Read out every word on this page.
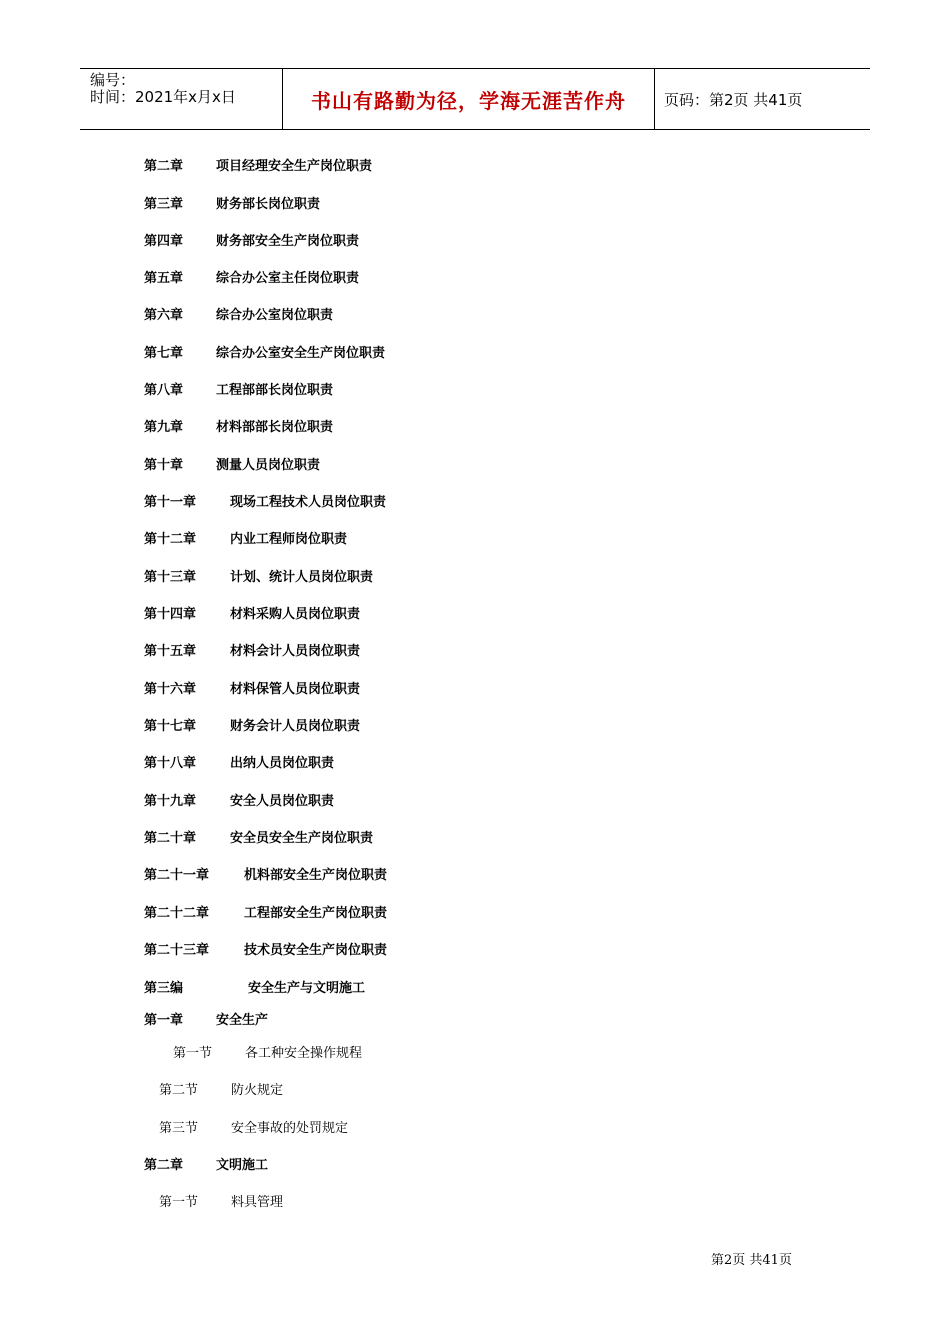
编号：
时间：2021年x月x日	书山有路勤为径，学海无涯苦作舟	页码：第2页 共41页
第二章	项目经理安全生产岗位职责
第三章	财务部长岗位职责
第四章	财务部安全生产岗位职责
第五章	综合办公室主任岗位职责
第六章	综合办公室岗位职责
第七章	综合办公室安全生产岗位职责
第八章	工程部部长岗位职责
第九章	材料部部长岗位职责
第十章	测量人员岗位职责
第十一章	现场工程技术人员岗位职责
第十二章	内业工程师岗位职责
第十三章	计划、统计人员岗位职责
第十四章	材料采购人员岗位职责
第十五章	材料会计人员岗位职责
第十六章	材料保管人员岗位职责
第十七章	财务会计人员岗位职责
第十八章	出纳人员岗位职责
第十九章	安全人员岗位职责
第二十章	安全员安全生产岗位职责
第二十一章	机料部安全生产岗位职责
第二十二章	工程部安全生产岗位职责
第二十三章	技术员安全生产岗位职责
第三编	安全生产与文明施工
第一章	安全生产
第一节	各工种安全操作规程
第二节	防火规定
第三节	安全事故的处罚规定
第二章	文明施工
第一节	料具管理
第2页 共41页
